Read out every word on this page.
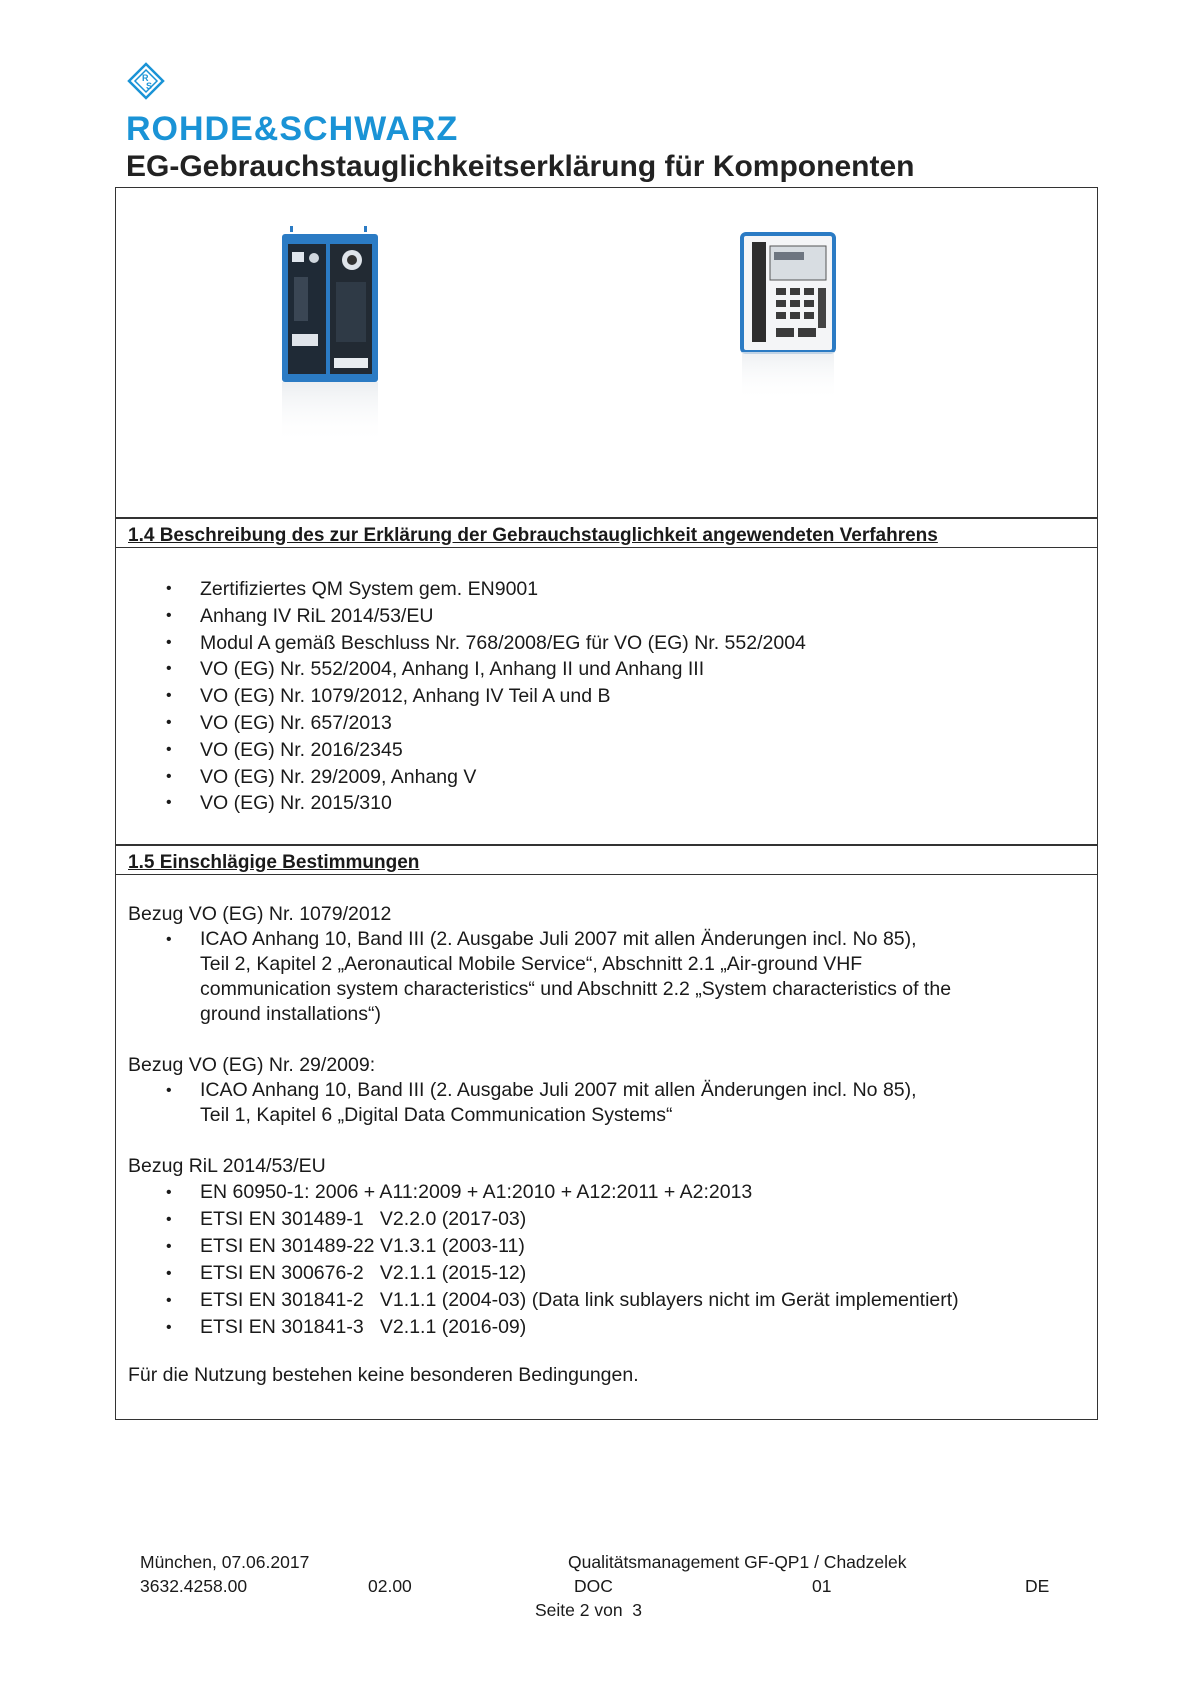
R
S
ROHDE&SCHWARZ
EG-Gebrauchstauglichkeitserklärung für Komponenten
1.4 Beschreibung des zur Erklärung der Gebrauchstauglichkeit angewendeten Verfahrens
• Zertifiziertes QM System gem. EN9001
• Anhang IV RiL 2014/53/EU
• Modul A gemäß Beschluss Nr. 768/2008/EG für VO (EG) Nr. 552/2004
• VO (EG) Nr. 552/2004, Anhang I, Anhang II und Anhang III
• VO (EG) Nr. 1079/2012, Anhang IV Teil A und B
• VO (EG) Nr. 657/2013
• VO (EG) Nr. 2016/2345
• VO (EG) Nr. 29/2009, Anhang V
• VO (EG) Nr. 2015/310
1.5 Einschlägige Bestimmungen
Bezug VO (EG) Nr. 1079/2012
• ICAO Anhang 10, Band III (2. Ausgabe Juli 2007 mit allen Änderungen incl. No 85),
Teil 2, Kapitel 2 „Aeronautical Mobile Service“, Abschnitt 2.1 „Air-ground VHF
communication system characteristics“ und Abschnitt 2.2 „System characteristics of the
ground installations“)
Bezug VO (EG) Nr. 29/2009:
• ICAO Anhang 10, Band III (2. Ausgabe Juli 2007 mit allen Änderungen incl. No 85),
Teil 1, Kapitel 6 „Digital Data Communication Systems“
Bezug RiL 2014/53/EU
• EN 60950-1: 2006 + A11:2009 + A1:2010 + A12:2011 + A2:2013
• ETSI EN 301489-1   V2.2.0 (2017-03)
• ETSI EN 301489-22 V1.3.1 (2003-11)
• ETSI EN 300676-2   V2.1.1 (2015-12)
• ETSI EN 301841-2   V1.1.1 (2004-03) (Data link sublayers nicht im Gerät implementiert)
• ETSI EN 301841-3   V2.1.1 (2016-09)
Für die Nutzung bestehen keine besonderen Bedingungen.
München, 07.06.2017
3632.4258.00	02.00
Qualitätsmanagement GF-QP1 / Chadzelek
DOC	01	DE
Seite 2 von  3
